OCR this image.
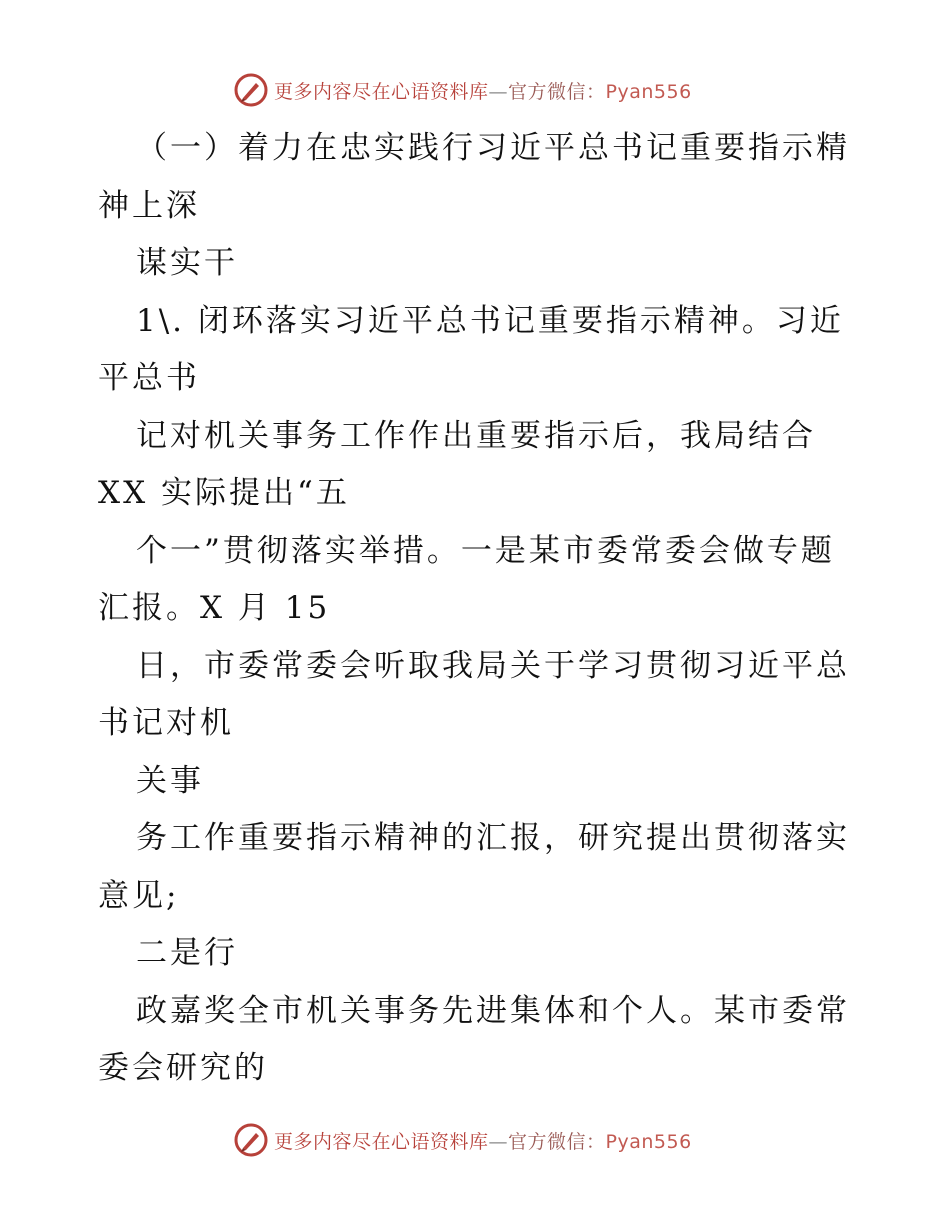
更多内容尽在心语资料库—官方微信：Pyan556
（一）着力在忠实践行习近平总书记重要指示精
神上深
谋实干
1\. 闭环落实习近平总书记重要指示精神。习近
平总书
记对机关事务工作作出重要指示后，我局结合
XX 实际提出“五
个一”贯彻落实举措。一是某市委常委会做专题
汇报。X 月 15
日，市委常委会听取我局关于学习贯彻习近平总
书记对机
关事
务工作重要指示精神的汇报，研究提出贯彻落实
意见;
二是行
政嘉奖全市机关事务先进集体和个人。某市委常
委会研究的
更多内容尽在心语资料库—官方微信：Pyan556
